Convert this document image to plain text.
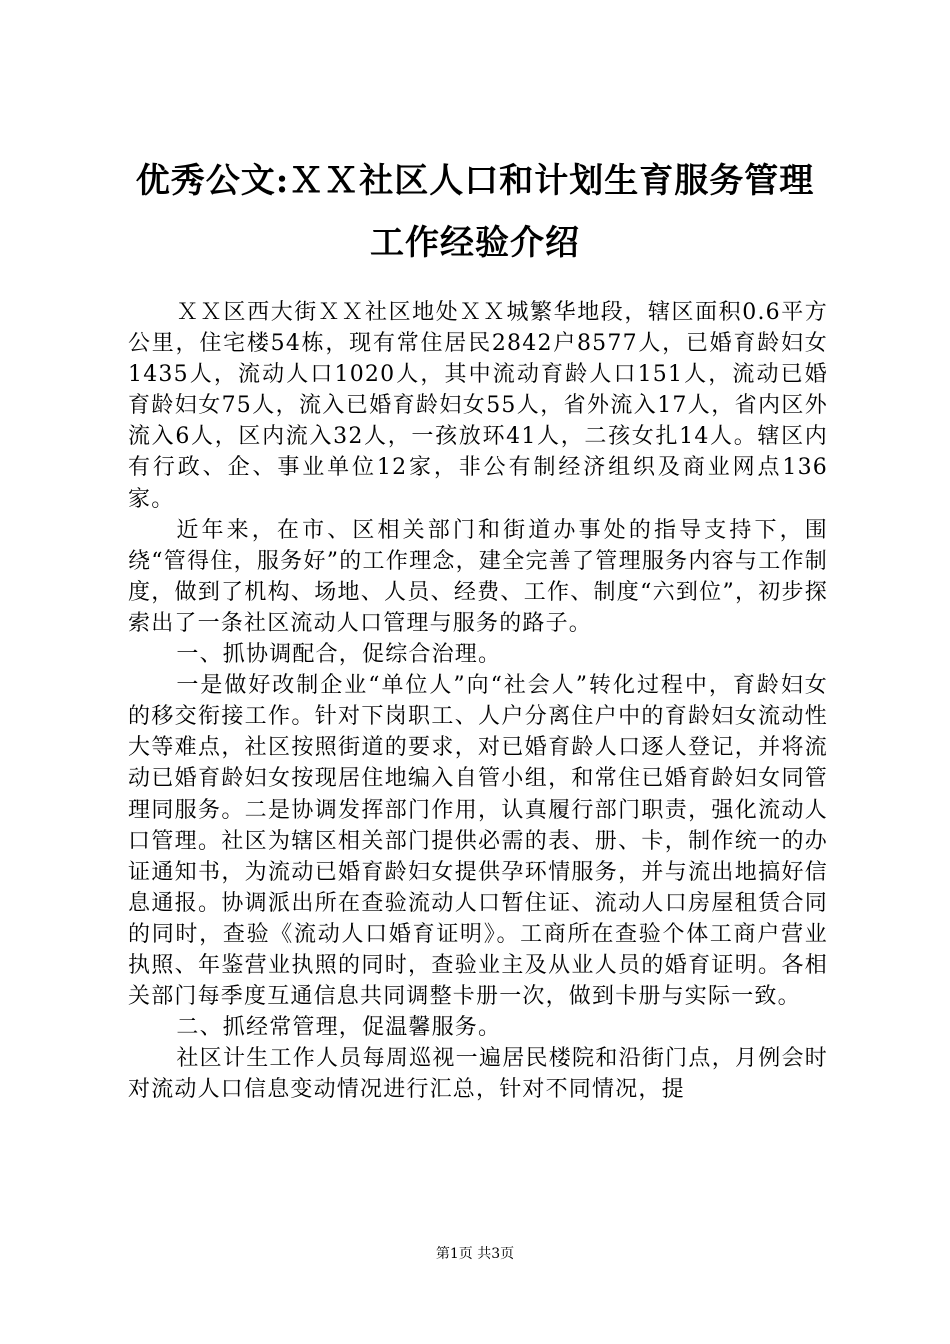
优秀公文:ＸＸ社区人口和计划生育服务管理
工作经验介绍

ＸＸ区西大街ＸＸ社区地处ＸＸ城繁华地段，辖区面积0.6平方公里，住宅楼54栋，现有常住居民2842户8577人，已婚育龄妇女1435人，流动人口1020人，其中流动育龄人口151人，流动已婚育龄妇女75人，流入已婚育龄妇女55人，省外流入17人，省内区外流入6人，区内流入32人，一孩放环41人，二孩女扎14人。辖区内有行政、企、事业单位12家，非公有制经济组织及商业网点136家。

近年来，在市、区相关部门和街道办事处的指导支持下，围绕“管得住，服务好”的工作理念，建全完善了管理服务内容与工作制度，做到了机构、场地、人员、经费、工作、制度“六到位”，初步探索出了一条社区流动人口管理与服务的路子。

一、抓协调配合，促综合治理。

一是做好改制企业“单位人”向“社会人”转化过程中，育龄妇女的移交衔接工作。针对下岗职工、人户分离住户中的育龄妇女流动性大等难点，社区按照街道的要求，对已婚育龄人口逐人登记，并将流动已婚育龄妇女按现居住地编入自管小组，和常住已婚育龄妇女同管理同服务。二是协调发挥部门作用，认真履行部门职责，强化流动人口管理。社区为辖区相关部门提供必需的表、册、卡，制作统一的办证通知书，为流动已婚育龄妇女提供孕环情服务，并与流出地搞好信息通报。协调派出所在查验流动人口暂住证、流动人口房屋租赁合同的同时，查验《流动人口婚育证明》。工商所在查验个体工商户营业执照、年鉴营业执照的同时，查验业主及从业人员的婚育证明。各相关部门每季度互通信息共同调整卡册一次，做到卡册与实际一致。

二、抓经常管理，促温馨服务。

社区计生工作人员每周巡视一遍居民楼院和沿街门点，月例会时对流动人口信息变动情况进行汇总，针对不同情况，提

第1页 共3页
